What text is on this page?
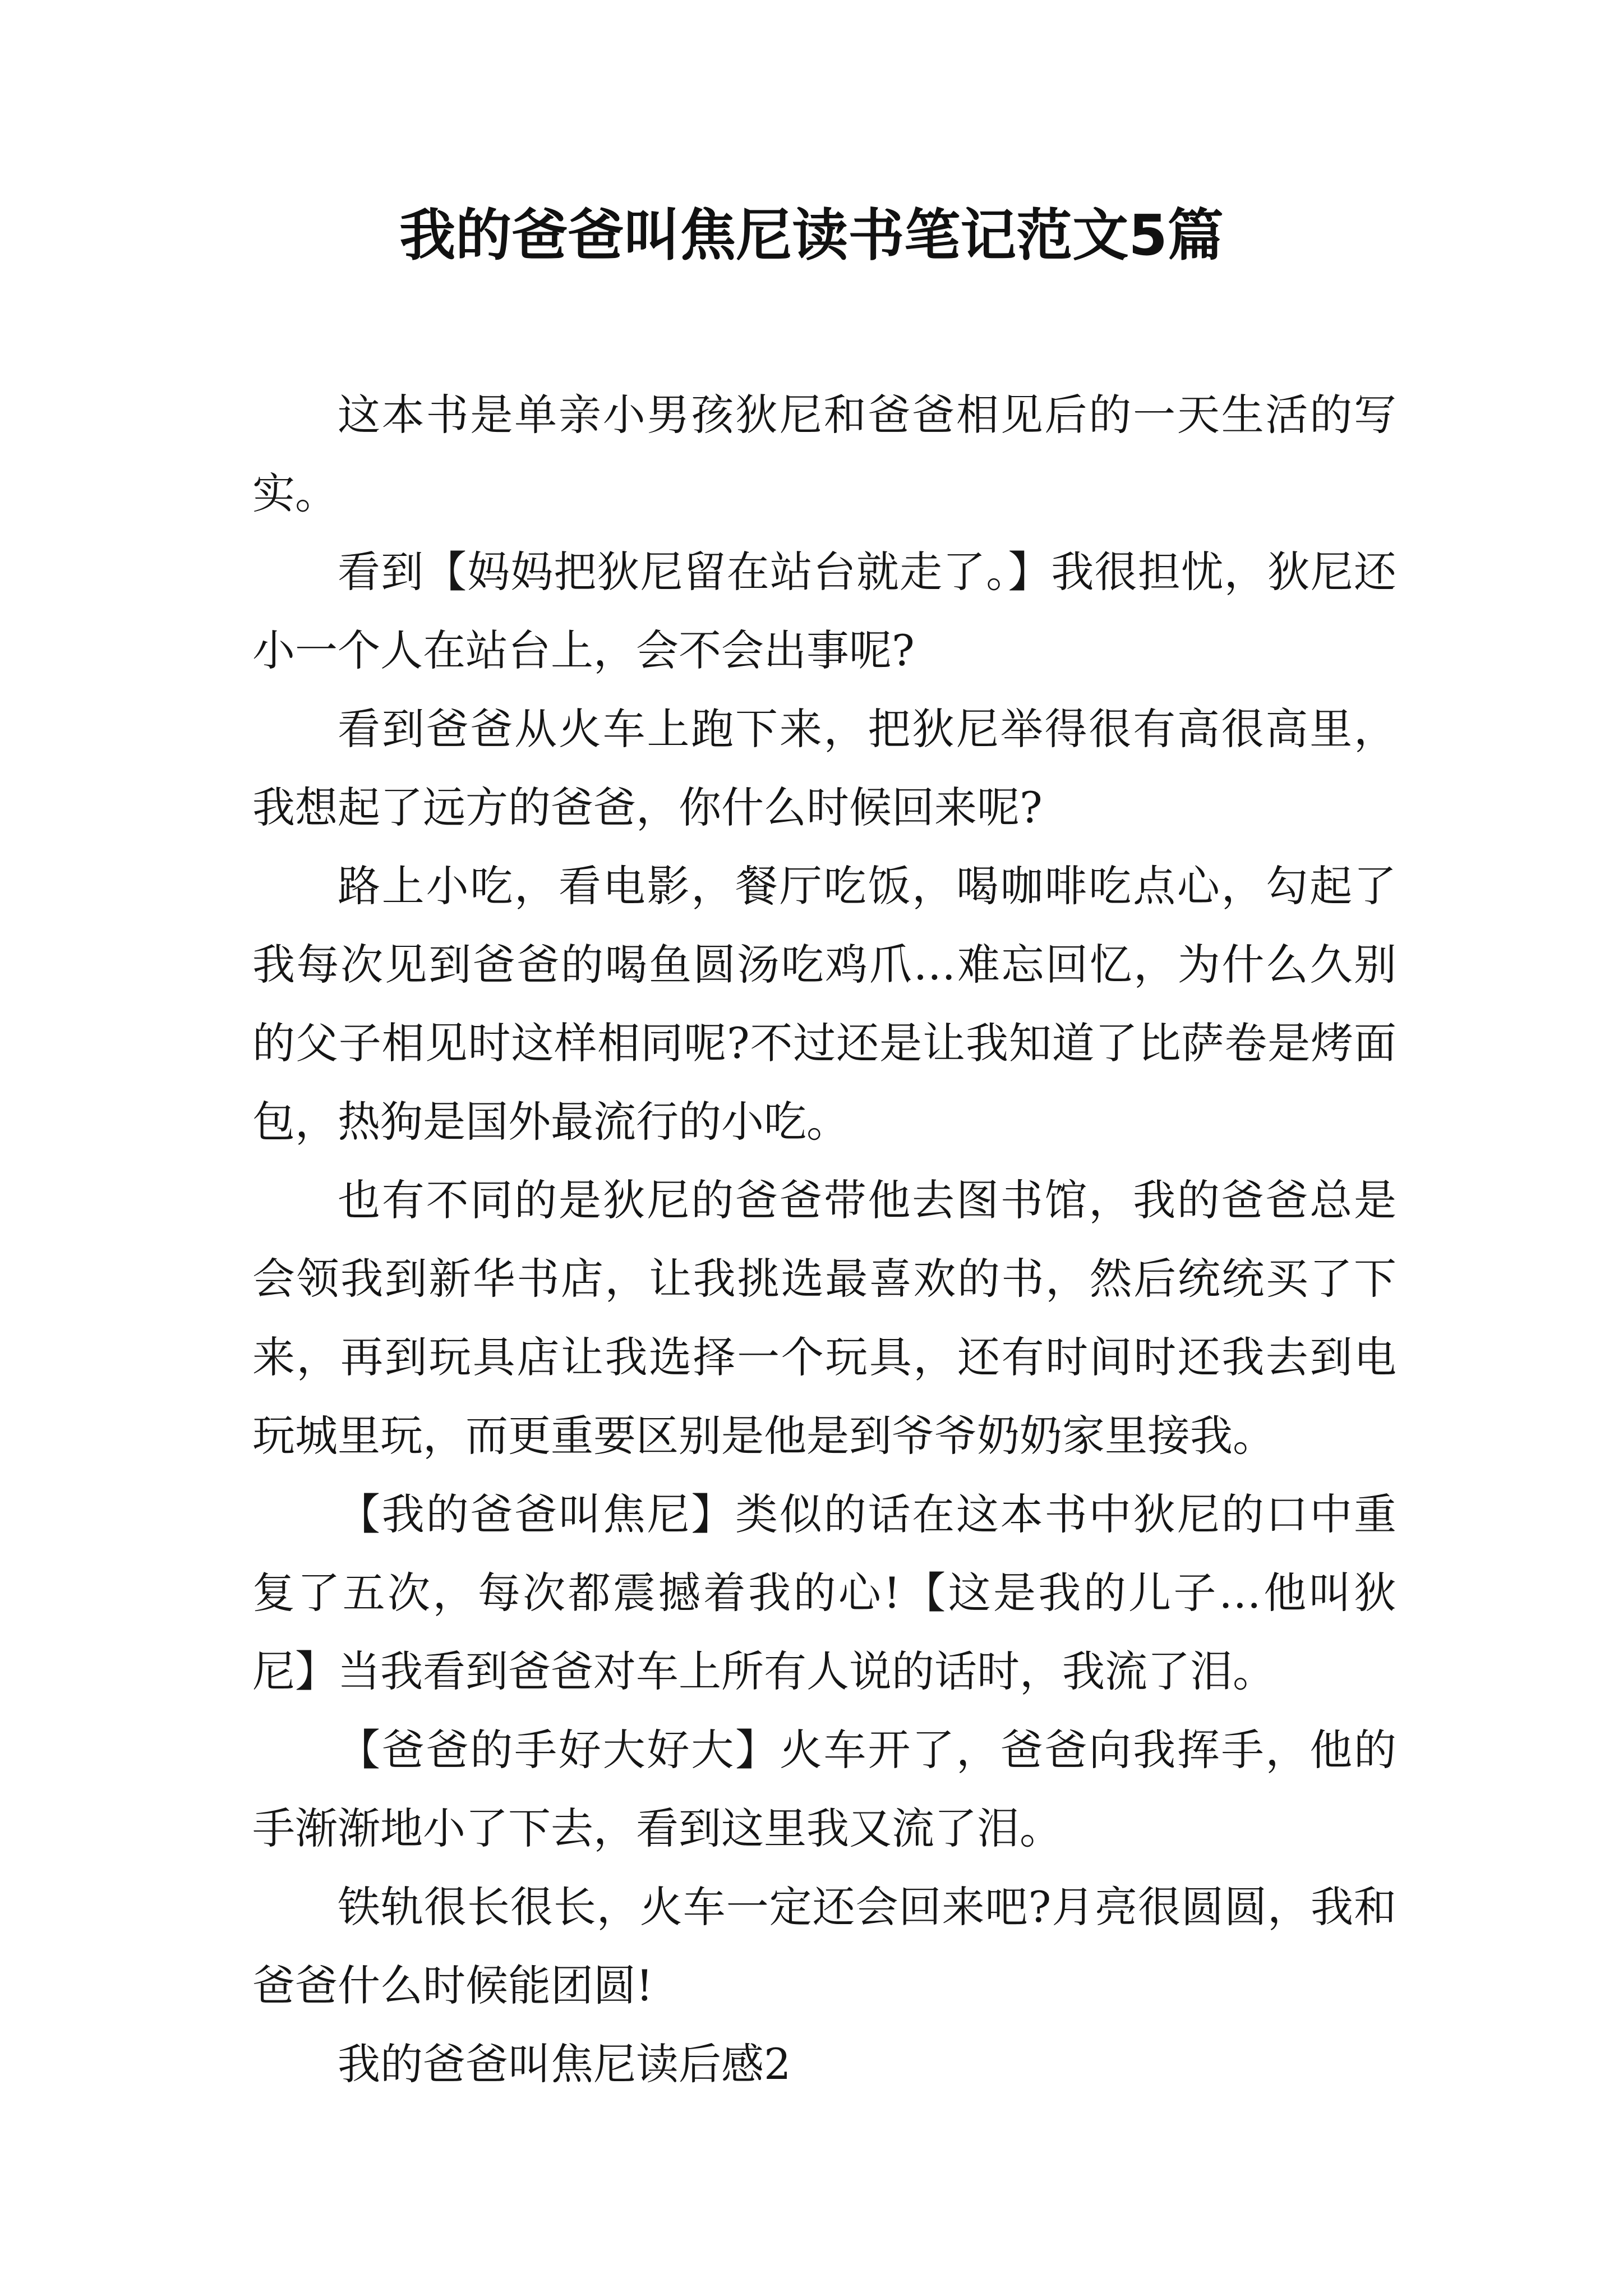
我的爸爸叫焦尼读书笔记范文5篇

这本书是单亲小男孩狄尼和爸爸相见后的一天生活的写实。

看到【妈妈把狄尼留在站台就走了。】我很担忧，狄尼还小一个人在站台上，会不会出事呢?

看到爸爸从火车上跑下来，把狄尼举得很有高很高里，我想起了远方的爸爸，你什么时候回来呢?

路上小吃，看电影，餐厅吃饭，喝咖啡吃点心，勾起了我每次见到爸爸的喝鱼圆汤吃鸡爪…难忘回忆，为什么久别的父子相见时这样相同呢?不过还是让我知道了比萨卷是烤面包，热狗是国外最流行的小吃。

也有不同的是狄尼的爸爸带他去图书馆，我的爸爸总是会领我到新华书店，让我挑选最喜欢的书，然后统统买了下来，再到玩具店让我选择一个玩具，还有时间时还我去到电玩城里玩，而更重要区别是他是到爷爷奶奶家里接我。

【我的爸爸叫焦尼】类似的话在这本书中狄尼的口中重复了五次，每次都震撼着我的心!【这是我的儿子…他叫狄尼】当我看到爸爸对车上所有人说的话时，我流了泪。

【爸爸的手好大好大】火车开了，爸爸向我挥手，他的手渐渐地小了下去，看到这里我又流了泪。

铁轨很长很长，火车一定还会回来吧?月亮很圆圆，我和爸爸什么时候能团圆!

我的爸爸叫焦尼读后感2
